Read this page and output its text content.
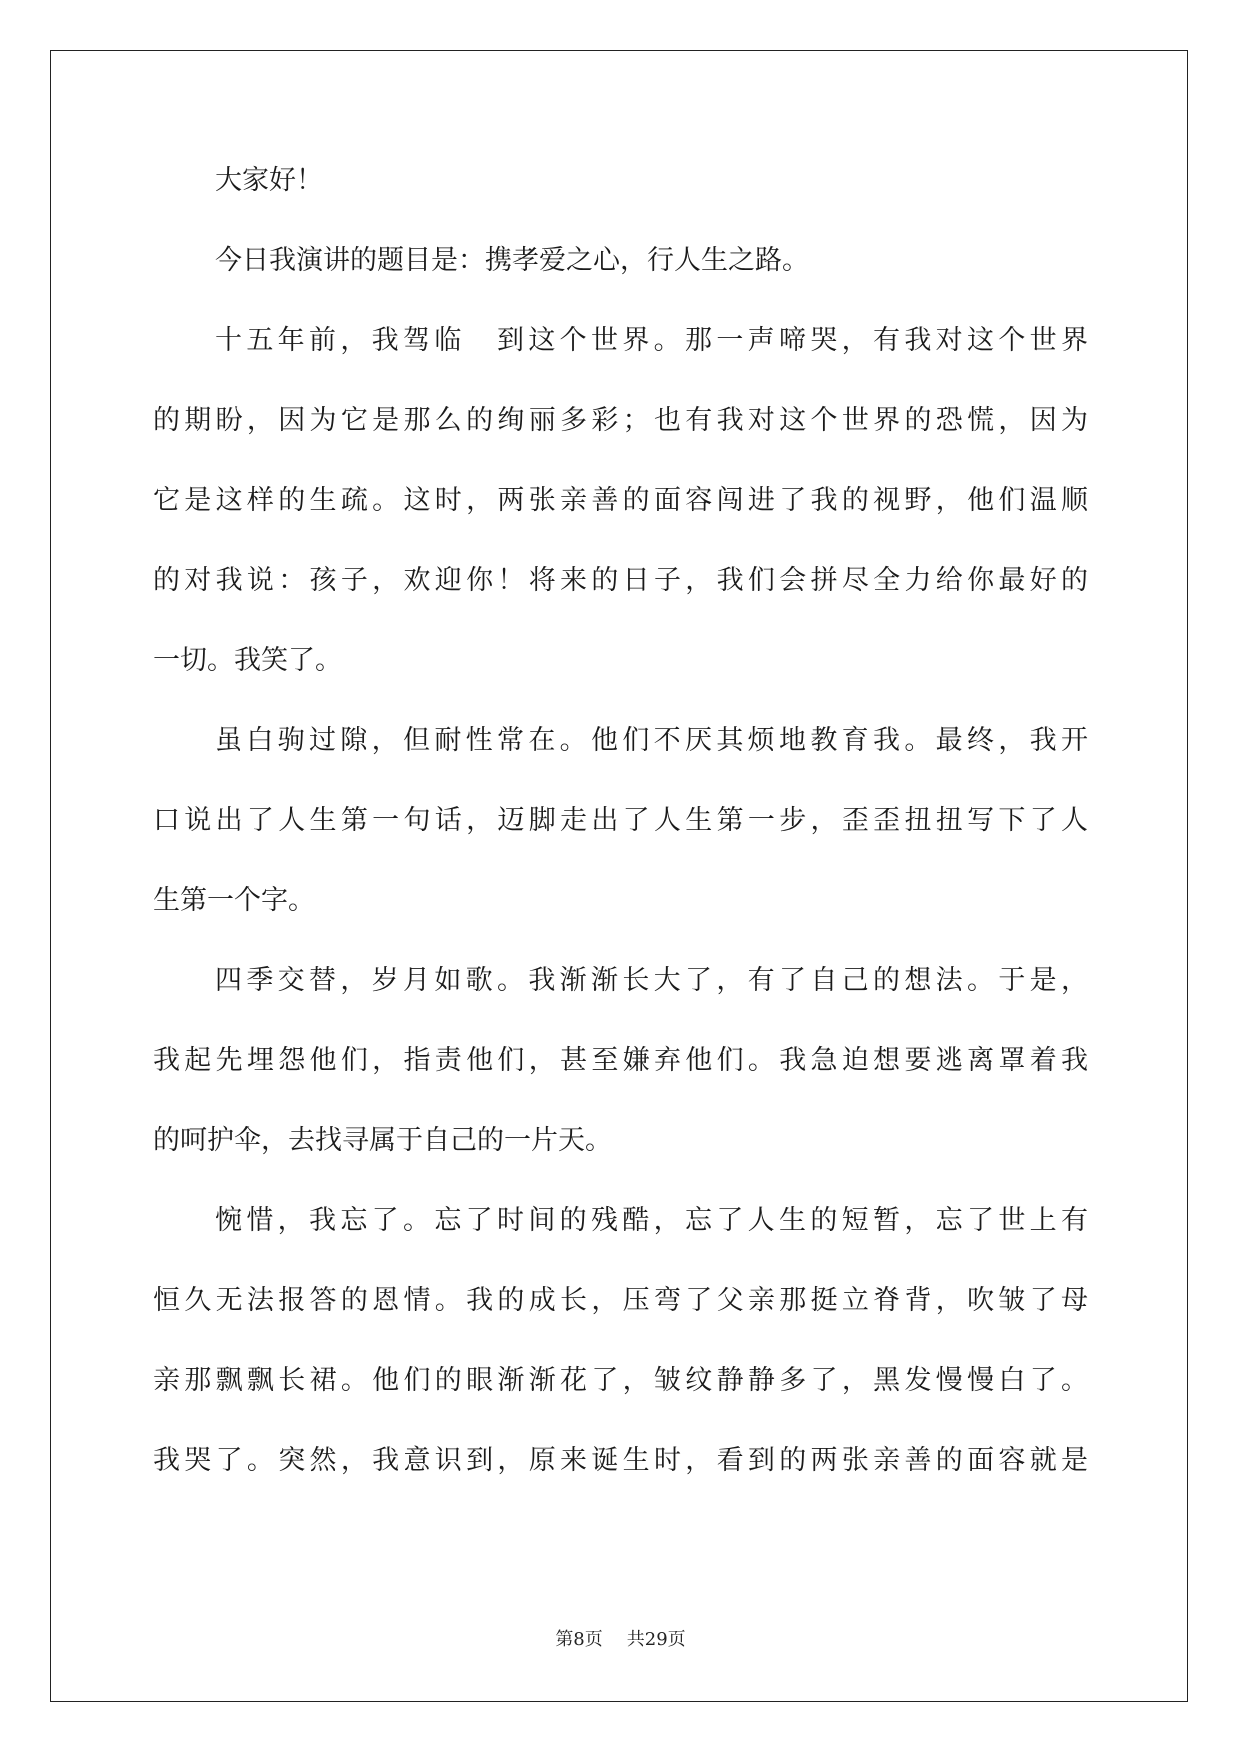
大家好！
今日我演讲的题目是：携孝爱之心，行人生之路。
十五年前，我驾临　到这个世界。那一声啼哭，有我对这个世界
的期盼，因为它是那么的绚丽多彩；也有我对这个世界的恐慌，因为
它是这样的生疏。这时，两张亲善的面容闯进了我的视野，他们温顺
的对我说：孩子，欢迎你！将来的日子，我们会拼尽全力给你最好的
一切。我笑了。
虽白驹过隙，但耐性常在。他们不厌其烦地教育我。最终，我开
口说出了人生第一句话，迈脚走出了人生第一步，歪歪扭扭写下了人
生第一个字。
四季交替，岁月如歌。我渐渐长大了，有了自己的想法。于是，
我起先埋怨他们，指责他们，甚至嫌弃他们。我急迫想要逃离罩着我
的呵护伞，去找寻属于自己的一片天。
惋惜，我忘了。忘了时间的残酷，忘了人生的短暂，忘了世上有
恒久无法报答的恩情。我的成长，压弯了父亲那挺立脊背，吹皱了母
亲那飘飘长裙。他们的眼渐渐花了，皱纹静静多了，黑发慢慢白了。
我哭了。突然，我意识到，原来诞生时，看到的两张亲善的面容就是
第8页 共29页
